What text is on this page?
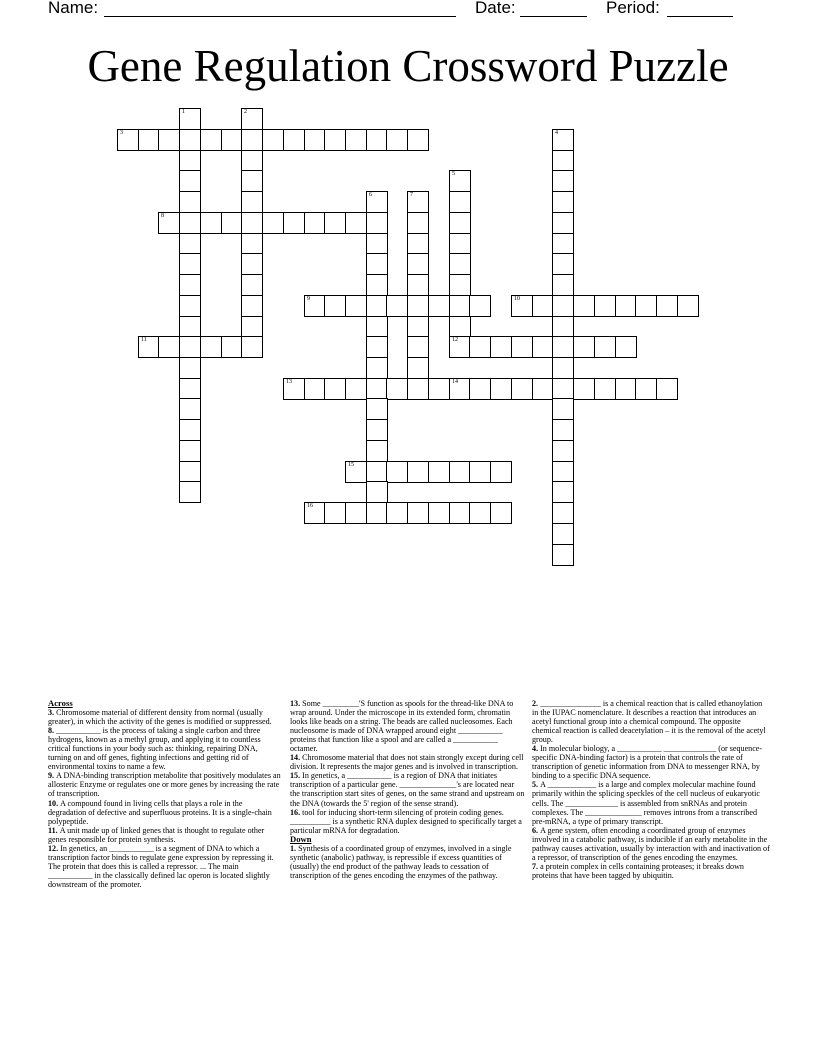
Name:	Date:	Period:
Gene Regulation Crossword Puzzle
1	2
3	4
5
6	7
8
9	10
11	12
13	14
15
16

Across

3. Chromosome material of different density from normal (usually greater), in which the activity of the genes is modified or suppressed.

8. ___________ is the process of taking a single carbon and three hydrogens, known as a methyl group, and applying it to countless critical functions in your body such as: thinking, repairing DNA, turning on and off genes, fighting infections and getting rid of environmental toxins to name a few.

9. A DNA-binding transcription metabolite that positively modulates an allosteric Enzyme or regulates one or more genes by increasing the rate of transcription.

10. A compound found in living cells that plays a role in the degradation of defective and superfluous proteins. It is a single-chain polypeptide.

11. A unit made up of linked genes that is thought to regulate other genes responsible for protein synthesis.

12. In genetics, an ___________ is a segment of DNA to which a transcription factor binds to regulate gene expression by repressing it. The protein that does this is called a repressor. ... The main ___________ in the classically defined lac operon is located slightly downstream of the promoter.

13. Some _________'S function as spools for the thread-like DNA to wrap around. Under the microscope in its extended form, chromatin looks like beads on a string. The beads are called nucleosomes. Each nucleosome is made of DNA wrapped around eight ___________ proteins that function like a spool and are called a ___________ octamer.

14. Chromosome material that does not stain strongly except during cell division. It represents the major genes and is involved in transcription.

15. In genetics, a ___________ is a region of DNA that initiates transcription of a particular gene. ______________'s are located near the transcription start sites of genes, on the same strand and upstream on the DNA (towards the 5' region of the sense strand).

16. tool for inducing short-term silencing of protein coding genes. __________ is a synthetic RNA duplex designed to specifically target a particular mRNA for degradation.

Down

1. Synthesis of a coordinated group of enzymes, involved in a single synthetic (anabolic) pathway, is repressible if excess quantities of (usually) the end product of the pathway leads to cessation of transcription of the genes encoding the enzymes of the pathway.

2. _______________ is a chemical reaction that is called ethanoylation in the IUPAC nomenclature. It describes a reaction that introduces an acetyl functional group into a chemical compound. The opposite chemical reaction is called deacetylation – it is the removal of the acetyl group.

4. In molecular biology, a ___________ _____________ (or sequence-specific DNA-binding factor) is a protein that controls the rate of transcription of genetic information from DNA to messenger RNA, by binding to a specific DNA sequence.

5. A ____________ is a large and complex molecular machine found primarily within the splicing speckles of the cell nucleus of eukaryotic cells. The _____________ is assembled from snRNAs and protein complexes. The ______________ removes introns from a transcribed pre-mRNA, a type of primary transcript.

6. A gene system, often encoding a coordinated group of enzymes involved in a catabolic pathway, is inducible if an early metabolite in the pathway causes activation, usually by interaction with and inactivation of a repressor, of transcription of the genes encoding the enzymes.

7. a protein complex in cells containing proteases; it breaks down proteins that have been tagged by ubiquitin.
